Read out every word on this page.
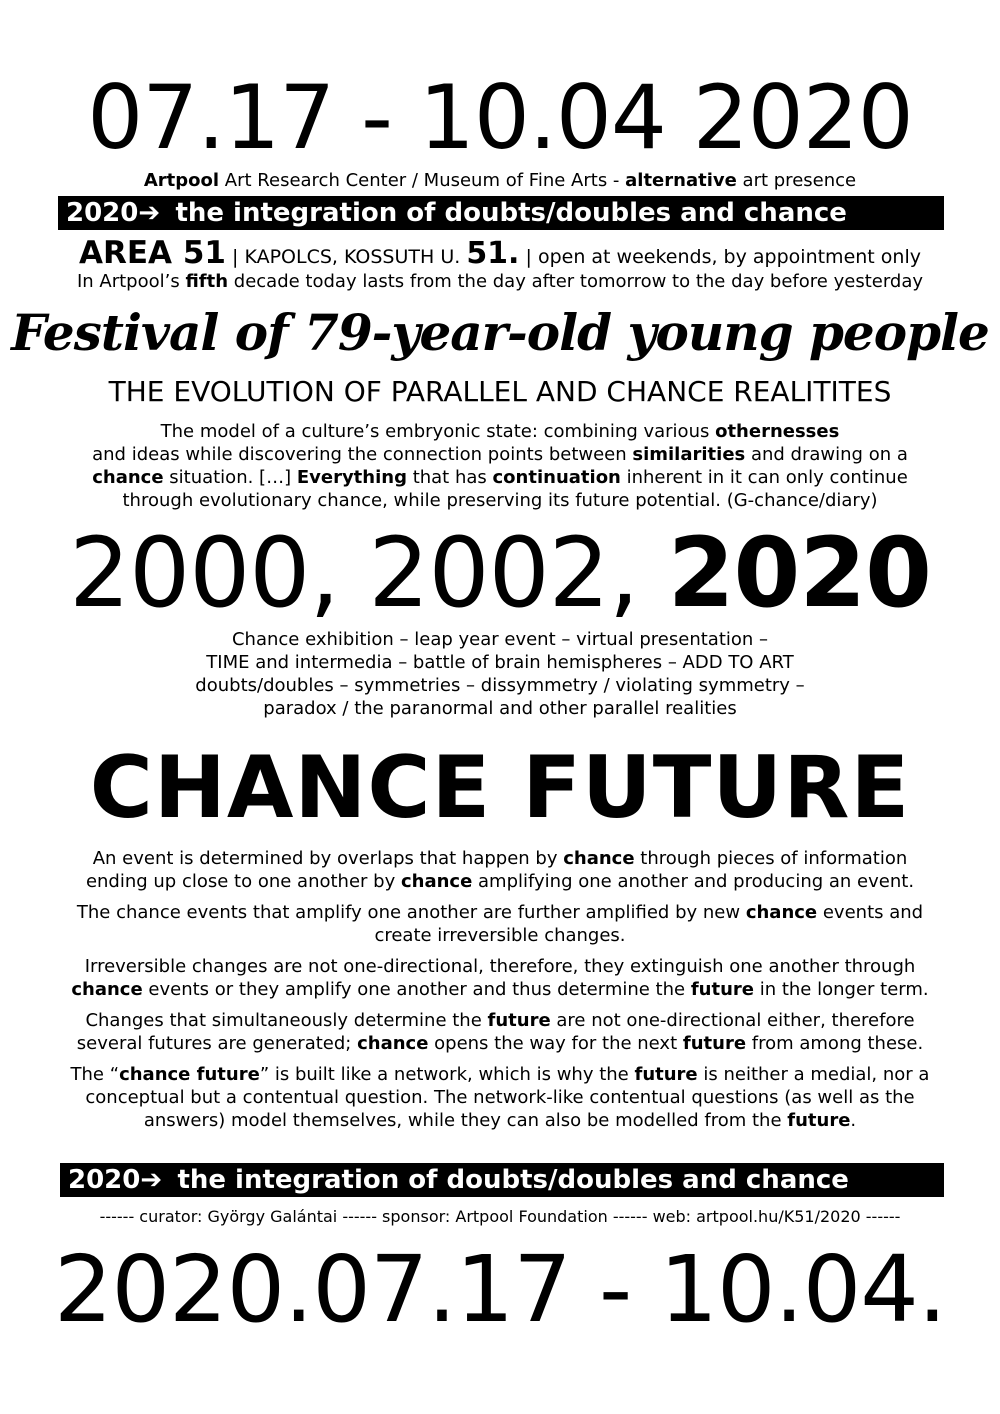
07.17 - 10.04 2020
Artpool Art Research Center / Museum of Fine Arts - alternative art presence
2020➔ the integration of doubts/doubles and chance
AREA 51 | KAPOLCS, KOSSUTH U. 51. | open at weekends, by appointment only
In Artpool’s fifth decade today lasts from the day after tomorrow to the day before yesterday
Festival of 79-year-old young people
THE EVOLUTION OF PARALLEL AND CHANCE REALITITES
The model of a culture’s embryonic state: combining various othernesses
and ideas while discovering the connection points between similarities and drawing on a
chance situation. […] Everything that has continuation inherent in it can only continue
through evolutionary chance, while preserving its future potential. (G-chance/diary)
2000, 2002, 2020
Chance exhibition – leap year event – virtual presentation –
TIME and intermedia – battle of brain hemispheres – ADD TO ART
doubts/doubles – symmetries – dissymmetry / violating symmetry –
paradox / the paranormal and other parallel realities
CHANCE FUTURE
An event is determined by overlaps that happen by chance through pieces of information
ending up close to one another by chance amplifying one another and producing an event.
The chance events that amplify one another are further amplified by new chance events and
create irreversible changes.
Irreversible changes are not one-directional, therefore, they extinguish one another through
chance events or they amplify one another and thus determine the future in the longer term.
Changes that simultaneously determine the future are not one-directional either, therefore
several futures are generated; chance opens the way for the next future from among these.
The “chance future” is built like a network, which is why the future is neither a medial, nor a
conceptual but a contentual question. The network-like contentual questions (as well as the
answers) model themselves, while they can also be modelled from the future.
2020➔ the integration of doubts/doubles and chance
------ curator: György Galántai ------ sponsor: Artpool Foundation ------ web: artpool.hu/K51/2020 ------
2020.07.17 - 10.04.
